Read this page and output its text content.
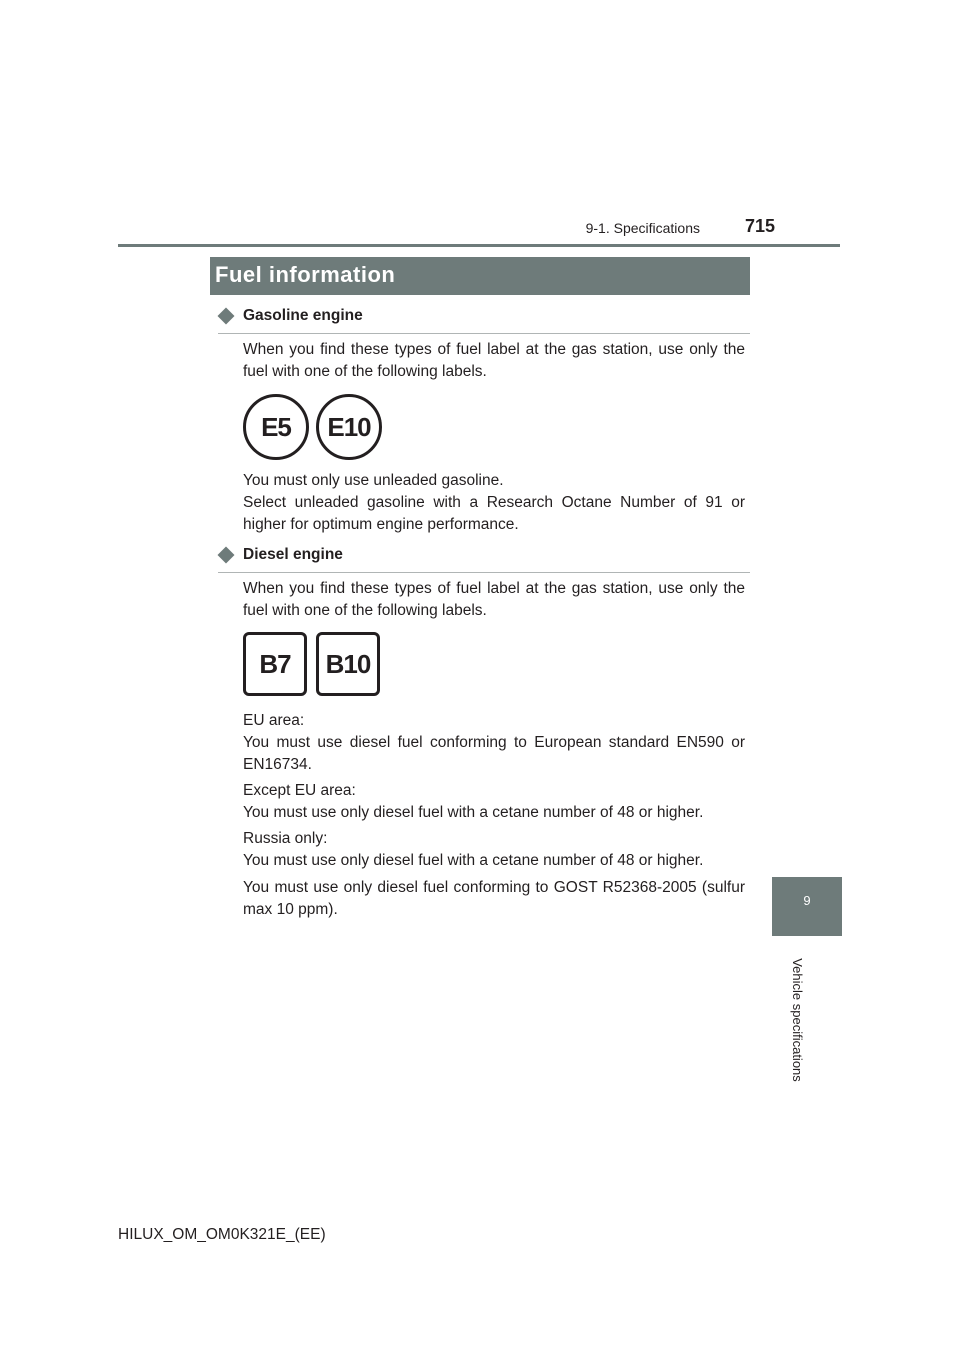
9-1. Specifications	715
Fuel information
Gasoline engine

When you find these types of fuel label at the gas station, use only the fuel with one of the following labels.

E5 E10

You must only use unleaded gasoline.

Select unleaded gasoline with a Research Octane Number of 91 or higher for optimum engine performance.

Diesel engine

When you find these types of fuel label at the gas station, use only the fuel with one of the following labels.

B7 B10

EU area:

You must use diesel fuel conforming to European standard EN590 or EN16734.

Except EU area:

You must use only diesel fuel with a cetane number of 48 or higher.

Russia only:

You must use only diesel fuel with a cetane number of 48 or higher.

You must use only diesel fuel conforming to GOST R52368-2005 (sulfur max 10 ppm).

9
Vehicle specifications
HILUX_OM_OM0K321E_(EE)
